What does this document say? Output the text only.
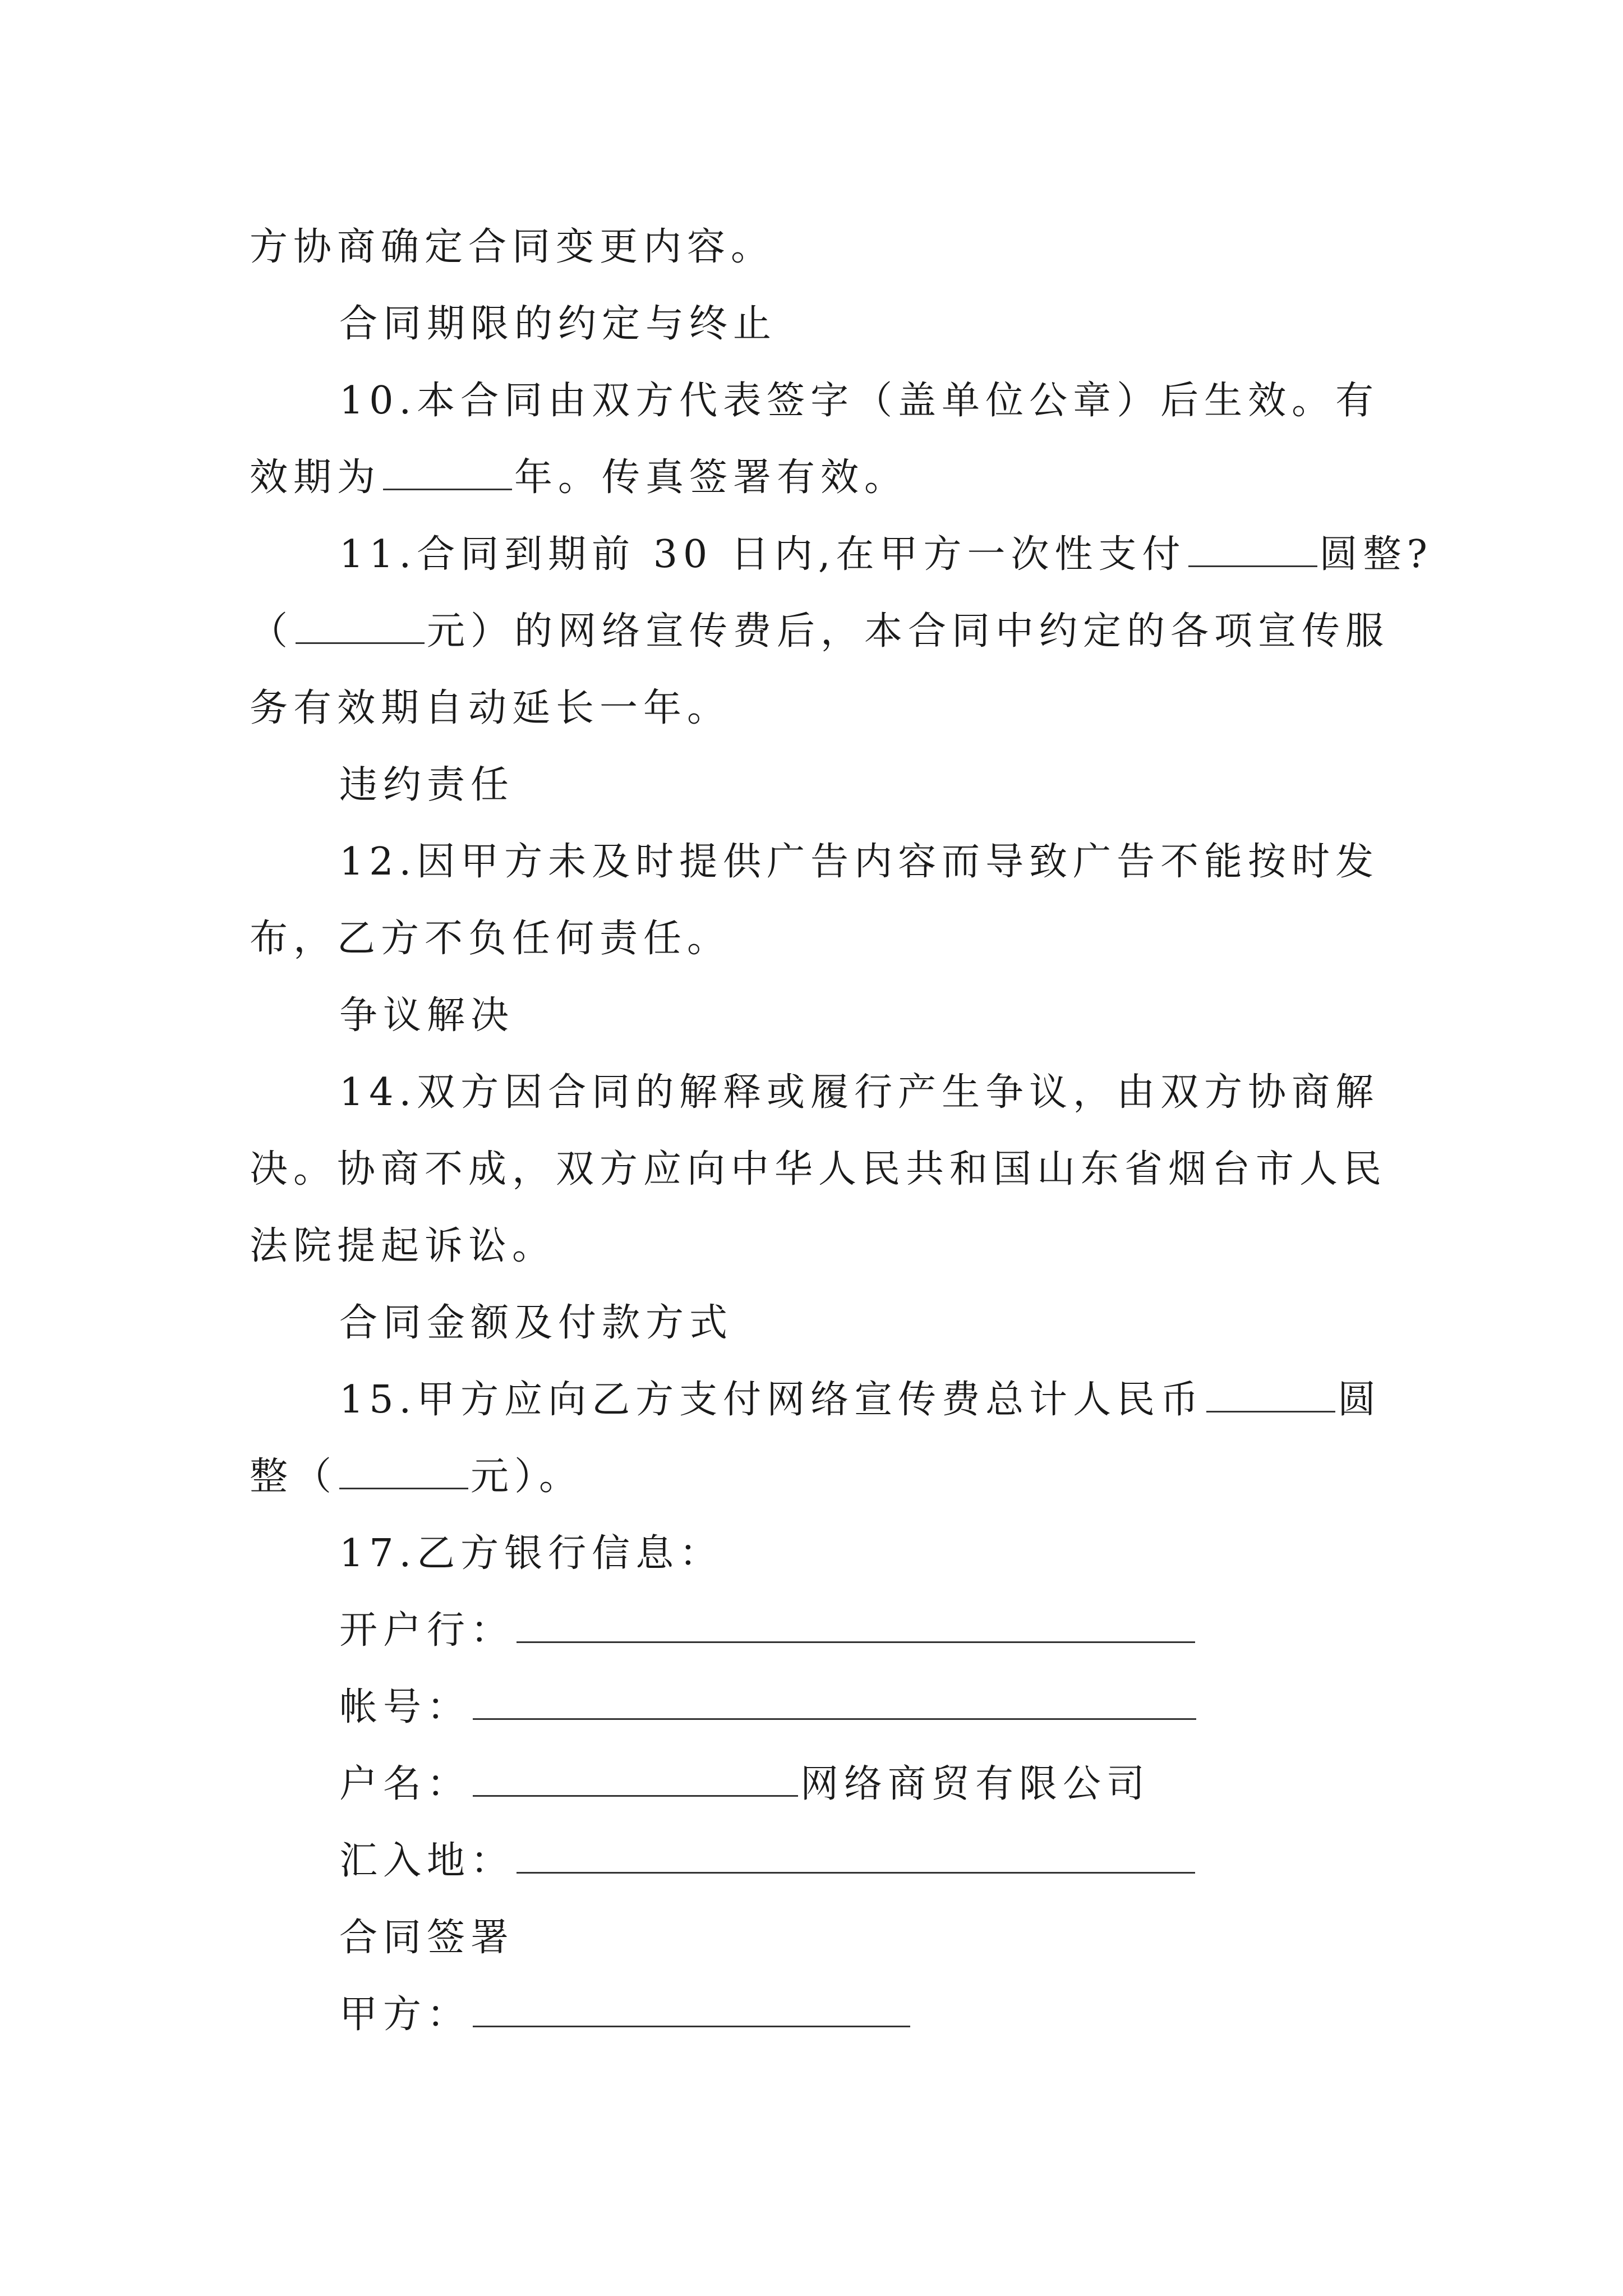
方协商确定合同变更内容。
合同期限的约定与终止
10.本合同由双方代表签字（盖单位公章）后生效。有
效期为	年。传真签署有效。
11.合同到期前 30 日内,在甲方一次性支付	圆整?
（	元）的网络宣传费后，本合同中约定的各项宣传服
务有效期自动延长一年。
违约责任
12.因甲方未及时提供广告内容而导致广告不能按时发
布，乙方不负任何责任。
争议解决
14.双方因合同的解释或履行产生争议，由双方协商解
决。协商不成，双方应向中华人民共和国山东省烟台市人民
法院提起诉讼。
合同金额及付款方式
15.甲方应向乙方支付网络宣传费总计人民币	圆
整（	元）。
17.乙方银行信息：
开户行：
帐号：
户名：	网络商贸有限公司
汇入地：
合同签署
甲方：
